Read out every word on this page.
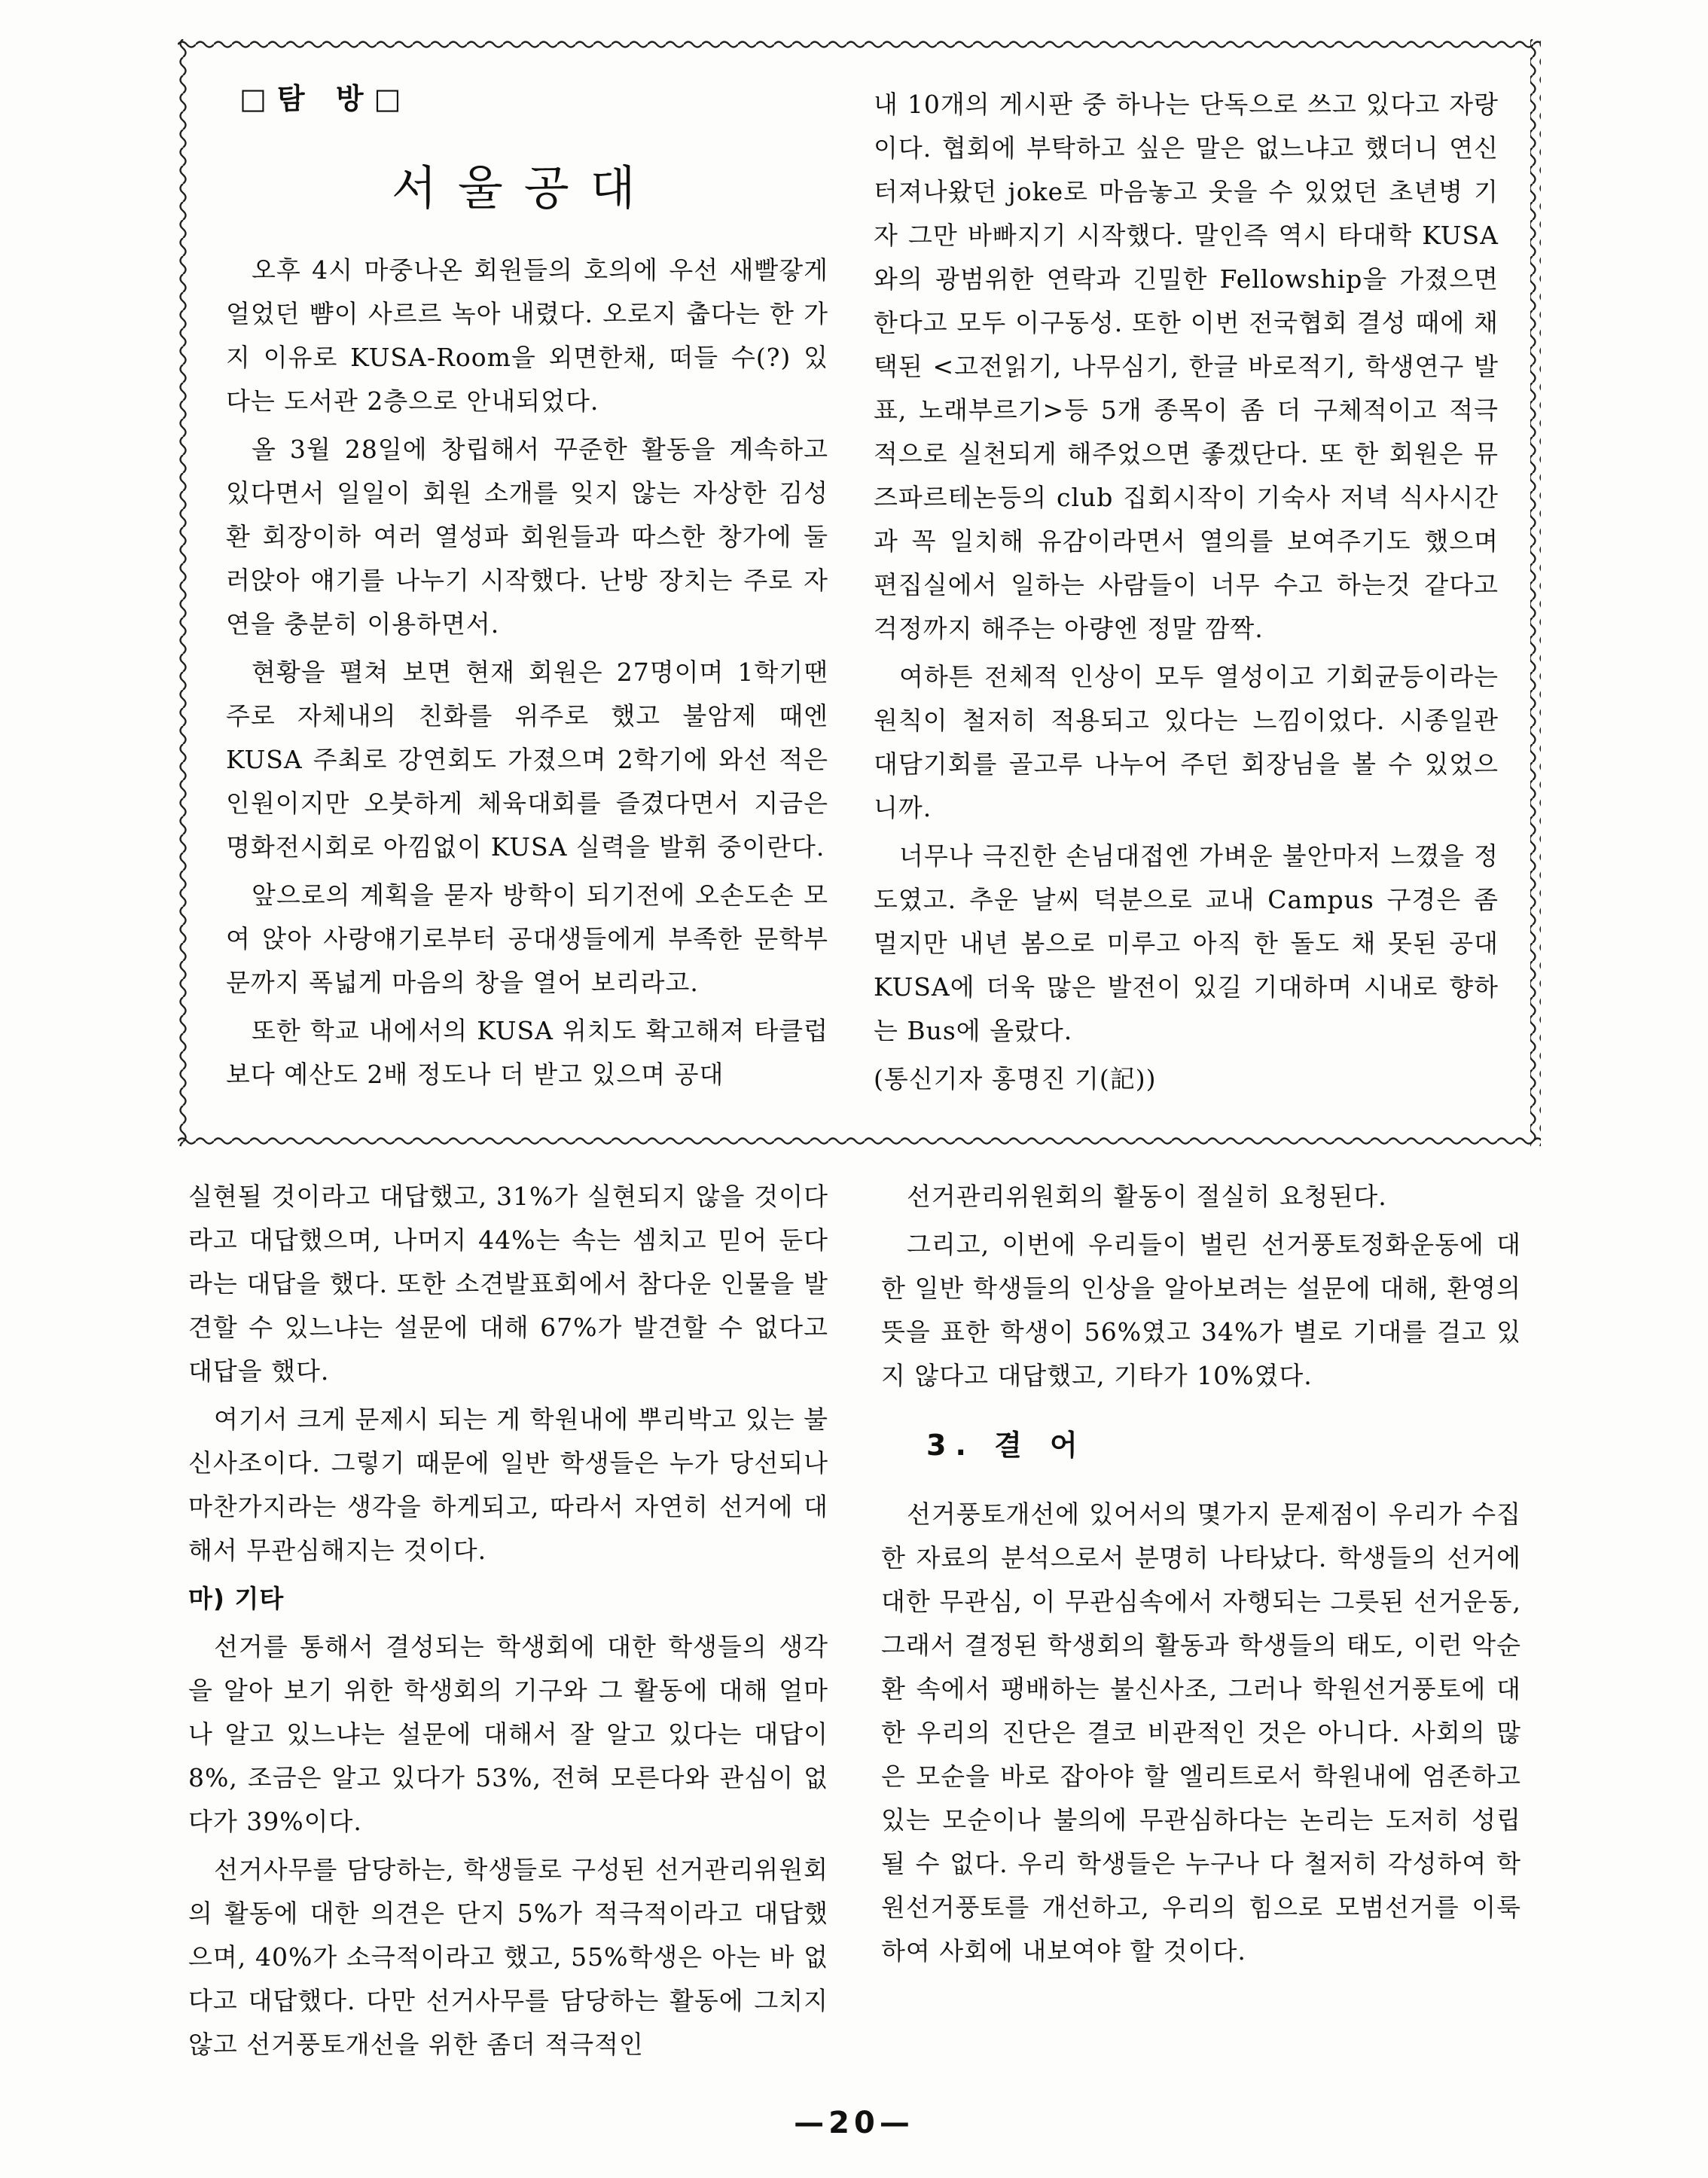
□탐 방□
서울공대

오후 4시 마중나온 회원들의 호의에 우선 새빨갛게 얼었던 뺨이 사르르 녹아 내렸다. 오로지 춥다는 한 가지 이유로 KUSA-Room을 외면한채, 떠들 수(?) 있다는 도서관 2층으로 안내되었다.

올 3월 28일에 창립해서 꾸준한 활동을 계속하고 있다면서 일일이 회원 소개를 잊지 않는 자상한 김성환 회장이하 여러 열성파 회원들과 따스한 창가에 둘러앉아 얘기를 나누기 시작했다. 난방 장치는 주로 자연을 충분히 이용하면서.

현황을 펼쳐 보면 현재 회원은 27명이며 1학기땐 주로 자체내의 친화를 위주로 했고 불암제 때엔 KUSA 주최로 강연회도 가졌으며 2학기에 와선 적은 인원이지만 오붓하게 체육대회를 즐겼다면서 지금은 명화전시회로 아낌없이 KUSA 실력을 발휘 중이란다.

앞으로의 계획을 묻자 방학이 되기전에 오손도손 모여 앉아 사랑얘기로부터 공대생들에게 부족한 문학부문까지 폭넓게 마음의 창을 열어 보리라고.

또한 학교 내에서의 KUSA 위치도 확고해져 타클럽보다 예산도 2배 정도나 더 받고 있으며 공대

내 10개의 게시판 중 하나는 단독으로 쓰고 있다고 자랑이다. 협회에 부탁하고 싶은 말은 없느냐고 했더니 연신 터져나왔던 joke로 마음놓고 웃을 수 있었던 초년병 기자 그만 바빠지기 시작했다. 말인즉 역시 타대학 KUSA와의 광범위한 연락과 긴밀한 Fellowship을 가졌으면 한다고 모두 이구동성. 또한 이번 전국협회 결성 때에 채택된 <고전읽기, 나무심기, 한글 바로적기, 학생연구 발표, 노래부르기>등 5개 종목이 좀 더 구체적이고 적극적으로 실천되게 해주었으면 좋겠단다. 또 한 회원은 뮤즈파르테논등의 club 집회시작이 기숙사 저녁 식사시간과 꼭 일치해 유감이라면서 열의를 보여주기도 했으며 편집실에서 일하는 사람들이 너무 수고 하는것 같다고 걱정까지 해주는 아량엔 정말 깜짝.

여하튼 전체적 인상이 모두 열성이고 기회균등이라는 원칙이 철저히 적용되고 있다는 느낌이었다. 시종일관 대담기회를 골고루 나누어 주던 회장님을 볼 수 있었으니까.

너무나 극진한 손님대접엔 가벼운 불안마저 느꼈을 정도였고. 추운 날씨 덕분으로 교내 Campus 구경은 좀 멀지만 내년 봄으로 미루고 아직 한 돌도 채 못된 공대 KUSA에 더욱 많은 발전이 있길 기대하며 시내로 향하는 Bus에 올랐다.

(통신기자 홍명진 기(記))

실현될 것이라고 대답했고, 31%가 실현되지 않을 것이다라고 대답했으며, 나머지 44%는 속는 셈치고 믿어 둔다라는 대답을 했다. 또한 소견발표회에서 참다운 인물을 발견할 수 있느냐는 설문에 대해 67%가 발견할 수 없다고 대답을 했다.

여기서 크게 문제시 되는 게 학원내에 뿌리박고 있는 불신사조이다. 그렇기 때문에 일반 학생들은 누가 당선되나 마찬가지라는 생각을 하게되고, 따라서 자연히 선거에 대해서 무관심해지는 것이다.

마) 기타

선거를 통해서 결성되는 학생회에 대한 학생들의 생각을 알아 보기 위한 학생회의 기구와 그 활동에 대해 얼마나 알고 있느냐는 설문에 대해서 잘 알고 있다는 대답이 8%, 조금은 알고 있다가 53%, 전혀 모른다와 관심이 없다가 39%이다.

선거사무를 담당하는, 학생들로 구성된 선거관리위원회의 활동에 대한 의견은 단지 5%가 적극적이라고 대답했으며, 40%가 소극적이라고 했고, 55%학생은 아는 바 없다고 대답했다. 다만 선거사무를 담당하는 활동에 그치지 않고 선거풍토개선을 위한 좀더 적극적인

선거관리위원회의 활동이 절실히 요청된다.

그리고, 이번에 우리들이 벌린 선거풍토정화운동에 대한 일반 학생들의 인상을 알아보려는 설문에 대해, 환영의 뜻을 표한 학생이 56%였고 34%가 별로 기대를 걸고 있지 않다고 대답했고, 기타가 10%였다.

3. 결 어

선거풍토개선에 있어서의 몇가지 문제점이 우리가 수집한 자료의 분석으로서 분명히 나타났다. 학생들의 선거에 대한 무관심, 이 무관심속에서 자행되는 그릇된 선거운동, 그래서 결정된 학생회의 활동과 학생들의 태도, 이런 악순환 속에서 팽배하는 불신사조, 그러나 학원선거풍토에 대한 우리의 진단은 결코 비관적인 것은 아니다. 사회의 많은 모순을 바로 잡아야 할 엘리트로서 학원내에 엄존하고 있는 모순이나 불의에 무관심하다는 논리는 도저히 성립될 수 없다. 우리 학생들은 누구나 다 철저히 각성하여 학원선거풍토를 개선하고, 우리의 힘으로 모범선거를 이룩하여 사회에 내보여야 할 것이다.

—20—
